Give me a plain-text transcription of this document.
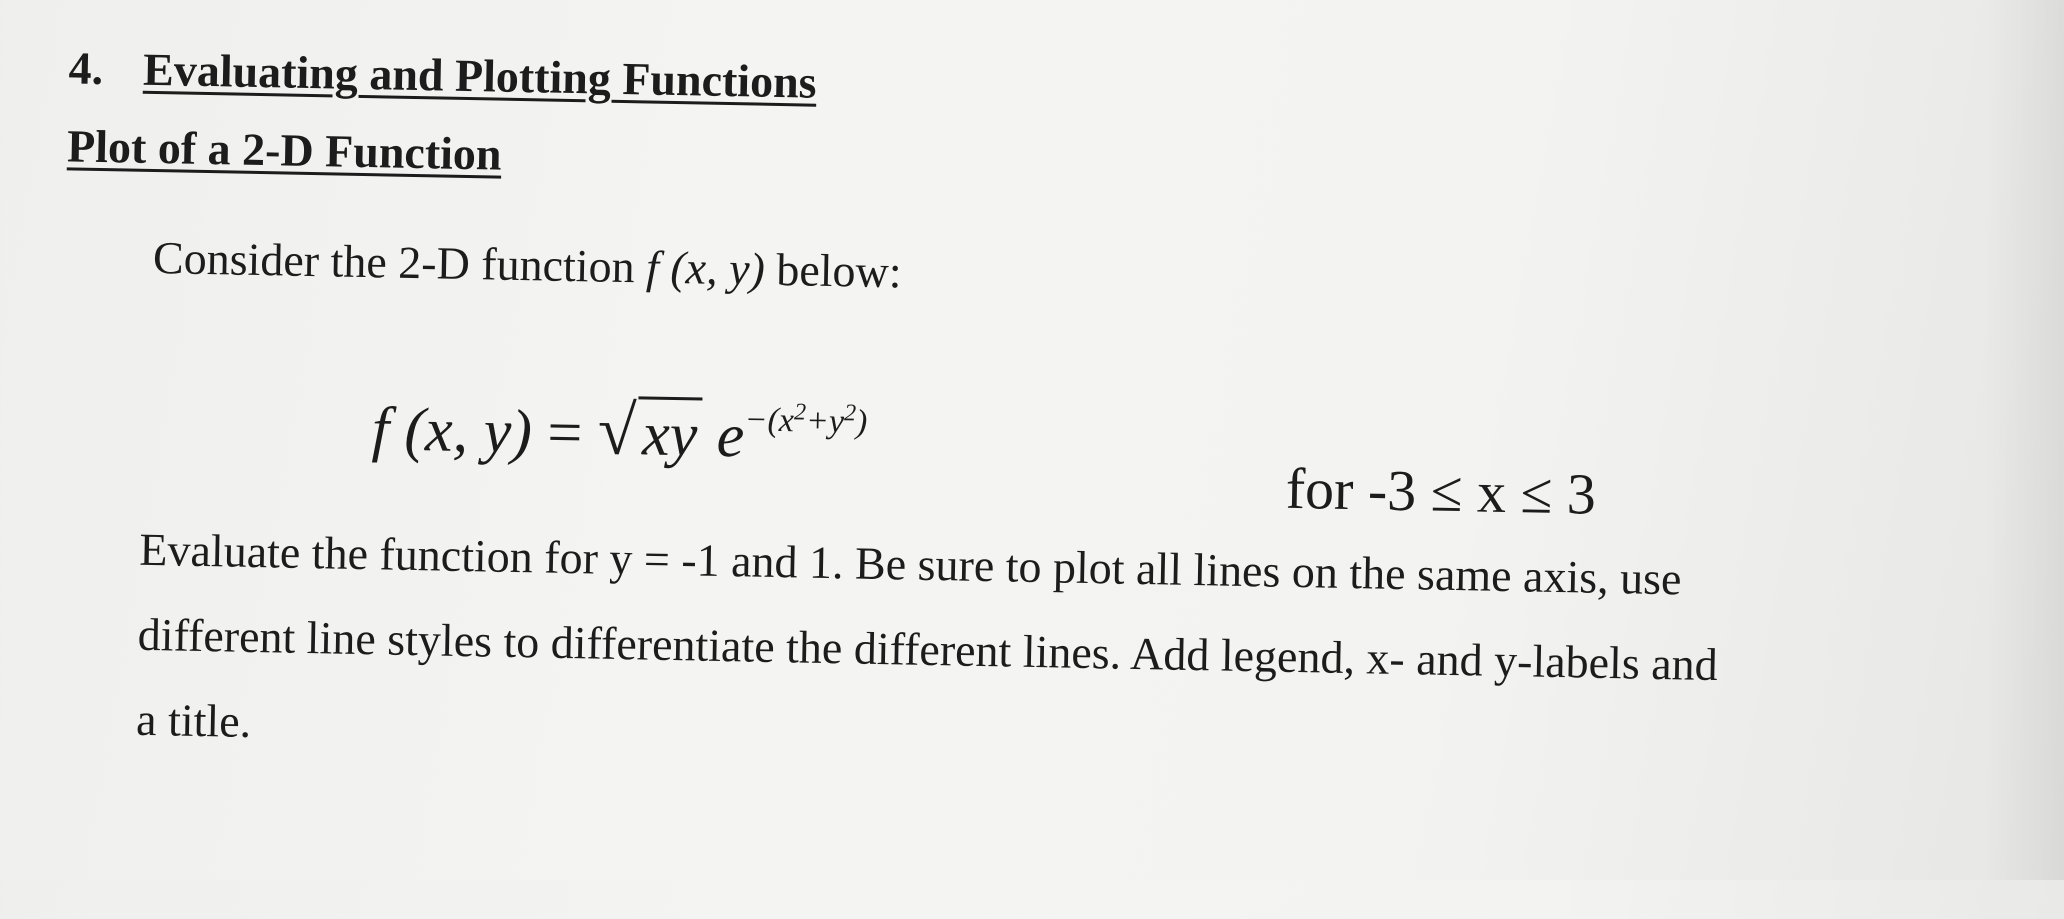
4. Evaluating and Plotting Functions
Plot of a 2-D Function
Consider the 2-D function f (x, y) below:
f (x, y) = √xy $e^{-(x^2+y^2)}$
for -3 ≤ x ≤ 3
Evaluate the function for y = -1 and 1. Be sure to plot all lines on the same axis, use
different line styles to differentiate the different lines. Add legend, x- and y-labels and
a title.
